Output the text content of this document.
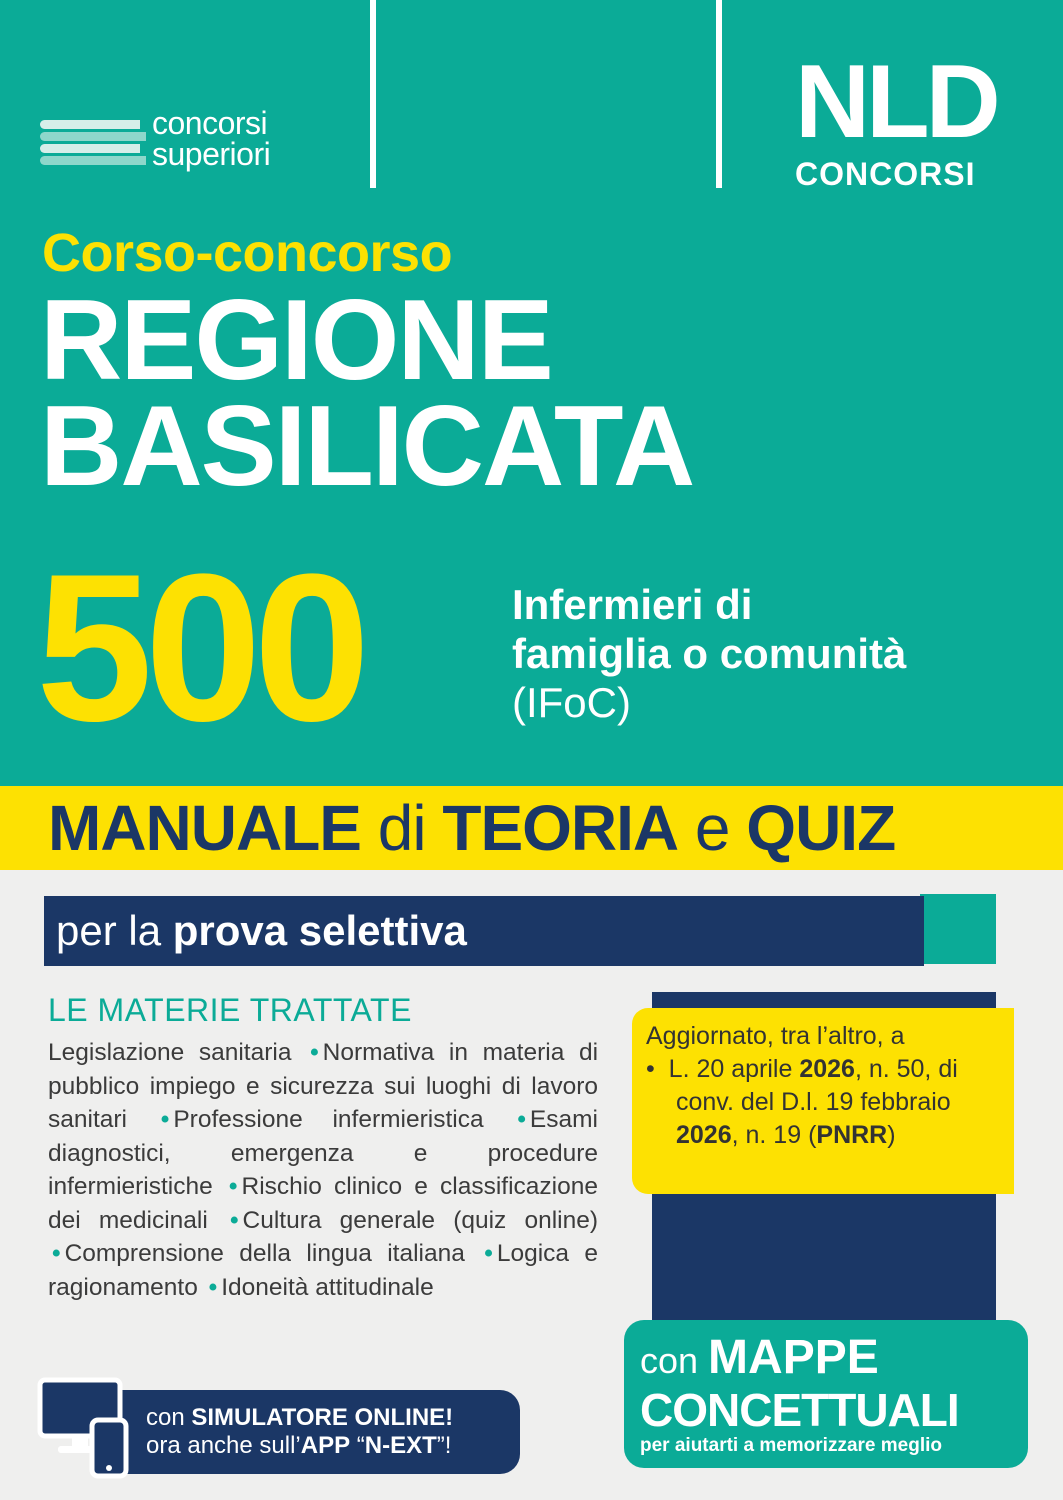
concorsi
superiori	NLD
CONCORSI
Corso-concorso
REGIONE
BASILICATA
500	Infermieri di
famiglia o comunità
(IFoC)
MANUALE di TEORIA e QUIZ
per la prova selettiva
LE MATERIE TRATTATE
Legislazione sanitaria • Normativa in materia di pubblico impiego e sicurezza sui luoghi di lavoro sanitari • Professione infermieristica • Esami diagnostici, emergenza e procedure infermieristiche • Rischio clinico e classificazione dei medicinali • Cultura generale (quiz online) • Comprensione della lingua italiana • Logica e ragionamento • Idoneità attitudinale
Aggiornato, tra l’altro, a
• L. 20 aprile 2026, n. 50, di
conv. del D.l. 19 febbraio
2026, n. 19 (PNRR)
con MAPPE
CONCETTUALI
per aiutarti a memorizzare meglio
con SIMULATORE ONLINE!
ora anche sull’APP “N-EXT”!
